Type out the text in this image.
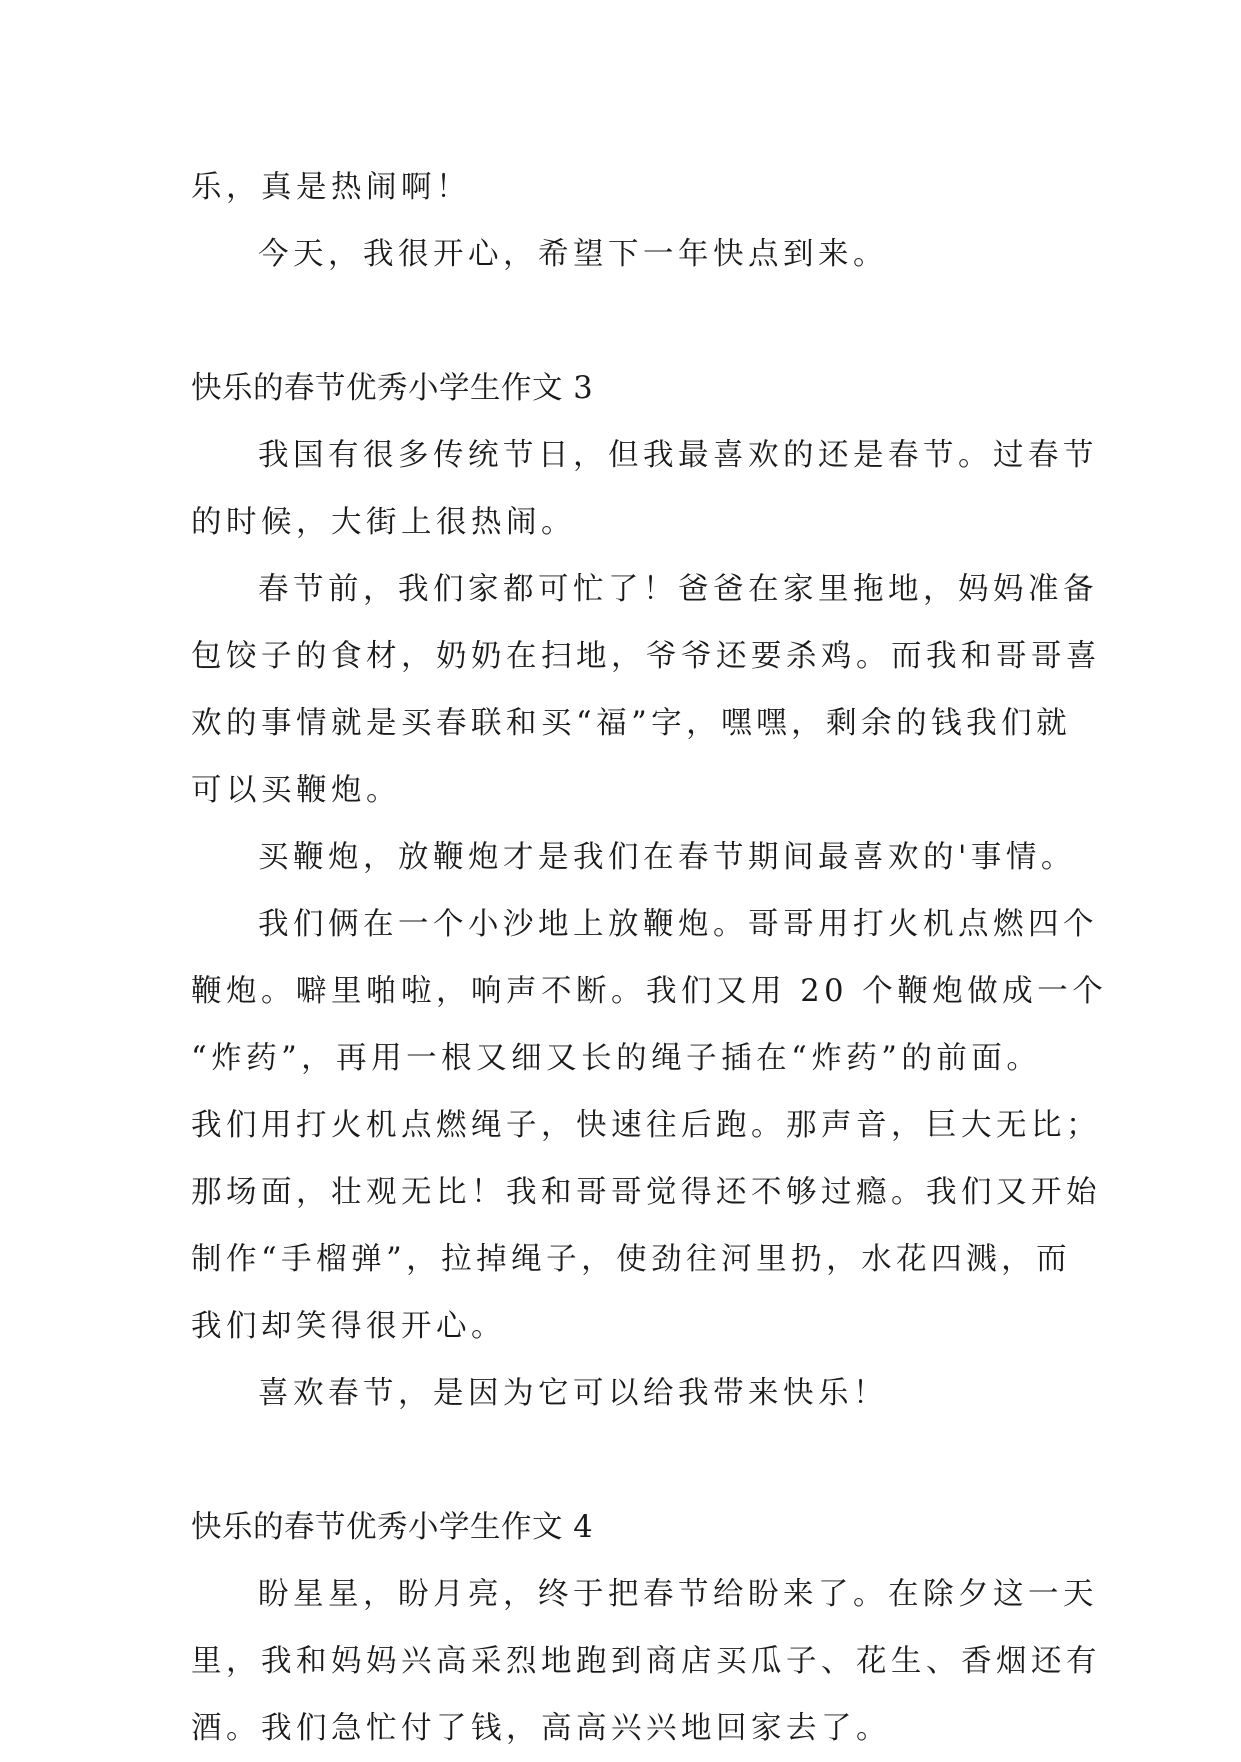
乐，真是热闹啊！
今天，我很开心，希望下一年快点到来。
快乐的春节优秀小学生作文 3
我国有很多传统节日，但我最喜欢的还是春节。过春节
的时候，大街上很热闹。
春节前，我们家都可忙了！爸爸在家里拖地，妈妈准备
包饺子的食材，奶奶在扫地，爷爷还要杀鸡。而我和哥哥喜
欢的事情就是买春联和买“福”字，嘿嘿，剩余的钱我们就
可以买鞭炮。
买鞭炮，放鞭炮才是我们在春节期间最喜欢的'事情。
我们俩在一个小沙地上放鞭炮。哥哥用打火机点燃四个
鞭炮。噼里啪啦，响声不断。我们又用 20 个鞭炮做成一个
“炸药”，再用一根又细又长的绳子插在“炸药”的前面。
我们用打火机点燃绳子，快速往后跑。那声音，巨大无比；
那场面，壮观无比！我和哥哥觉得还不够过瘾。我们又开始
制作“手榴弹”，拉掉绳子，使劲往河里扔，水花四溅，而
我们却笑得很开心。
喜欢春节，是因为它可以给我带来快乐！
快乐的春节优秀小学生作文 4
盼星星，盼月亮，终于把春节给盼来了。在除夕这一天
里，我和妈妈兴高采烈地跑到商店买瓜子、花生、香烟还有
酒。我们急忙付了钱，高高兴兴地回家去了。
